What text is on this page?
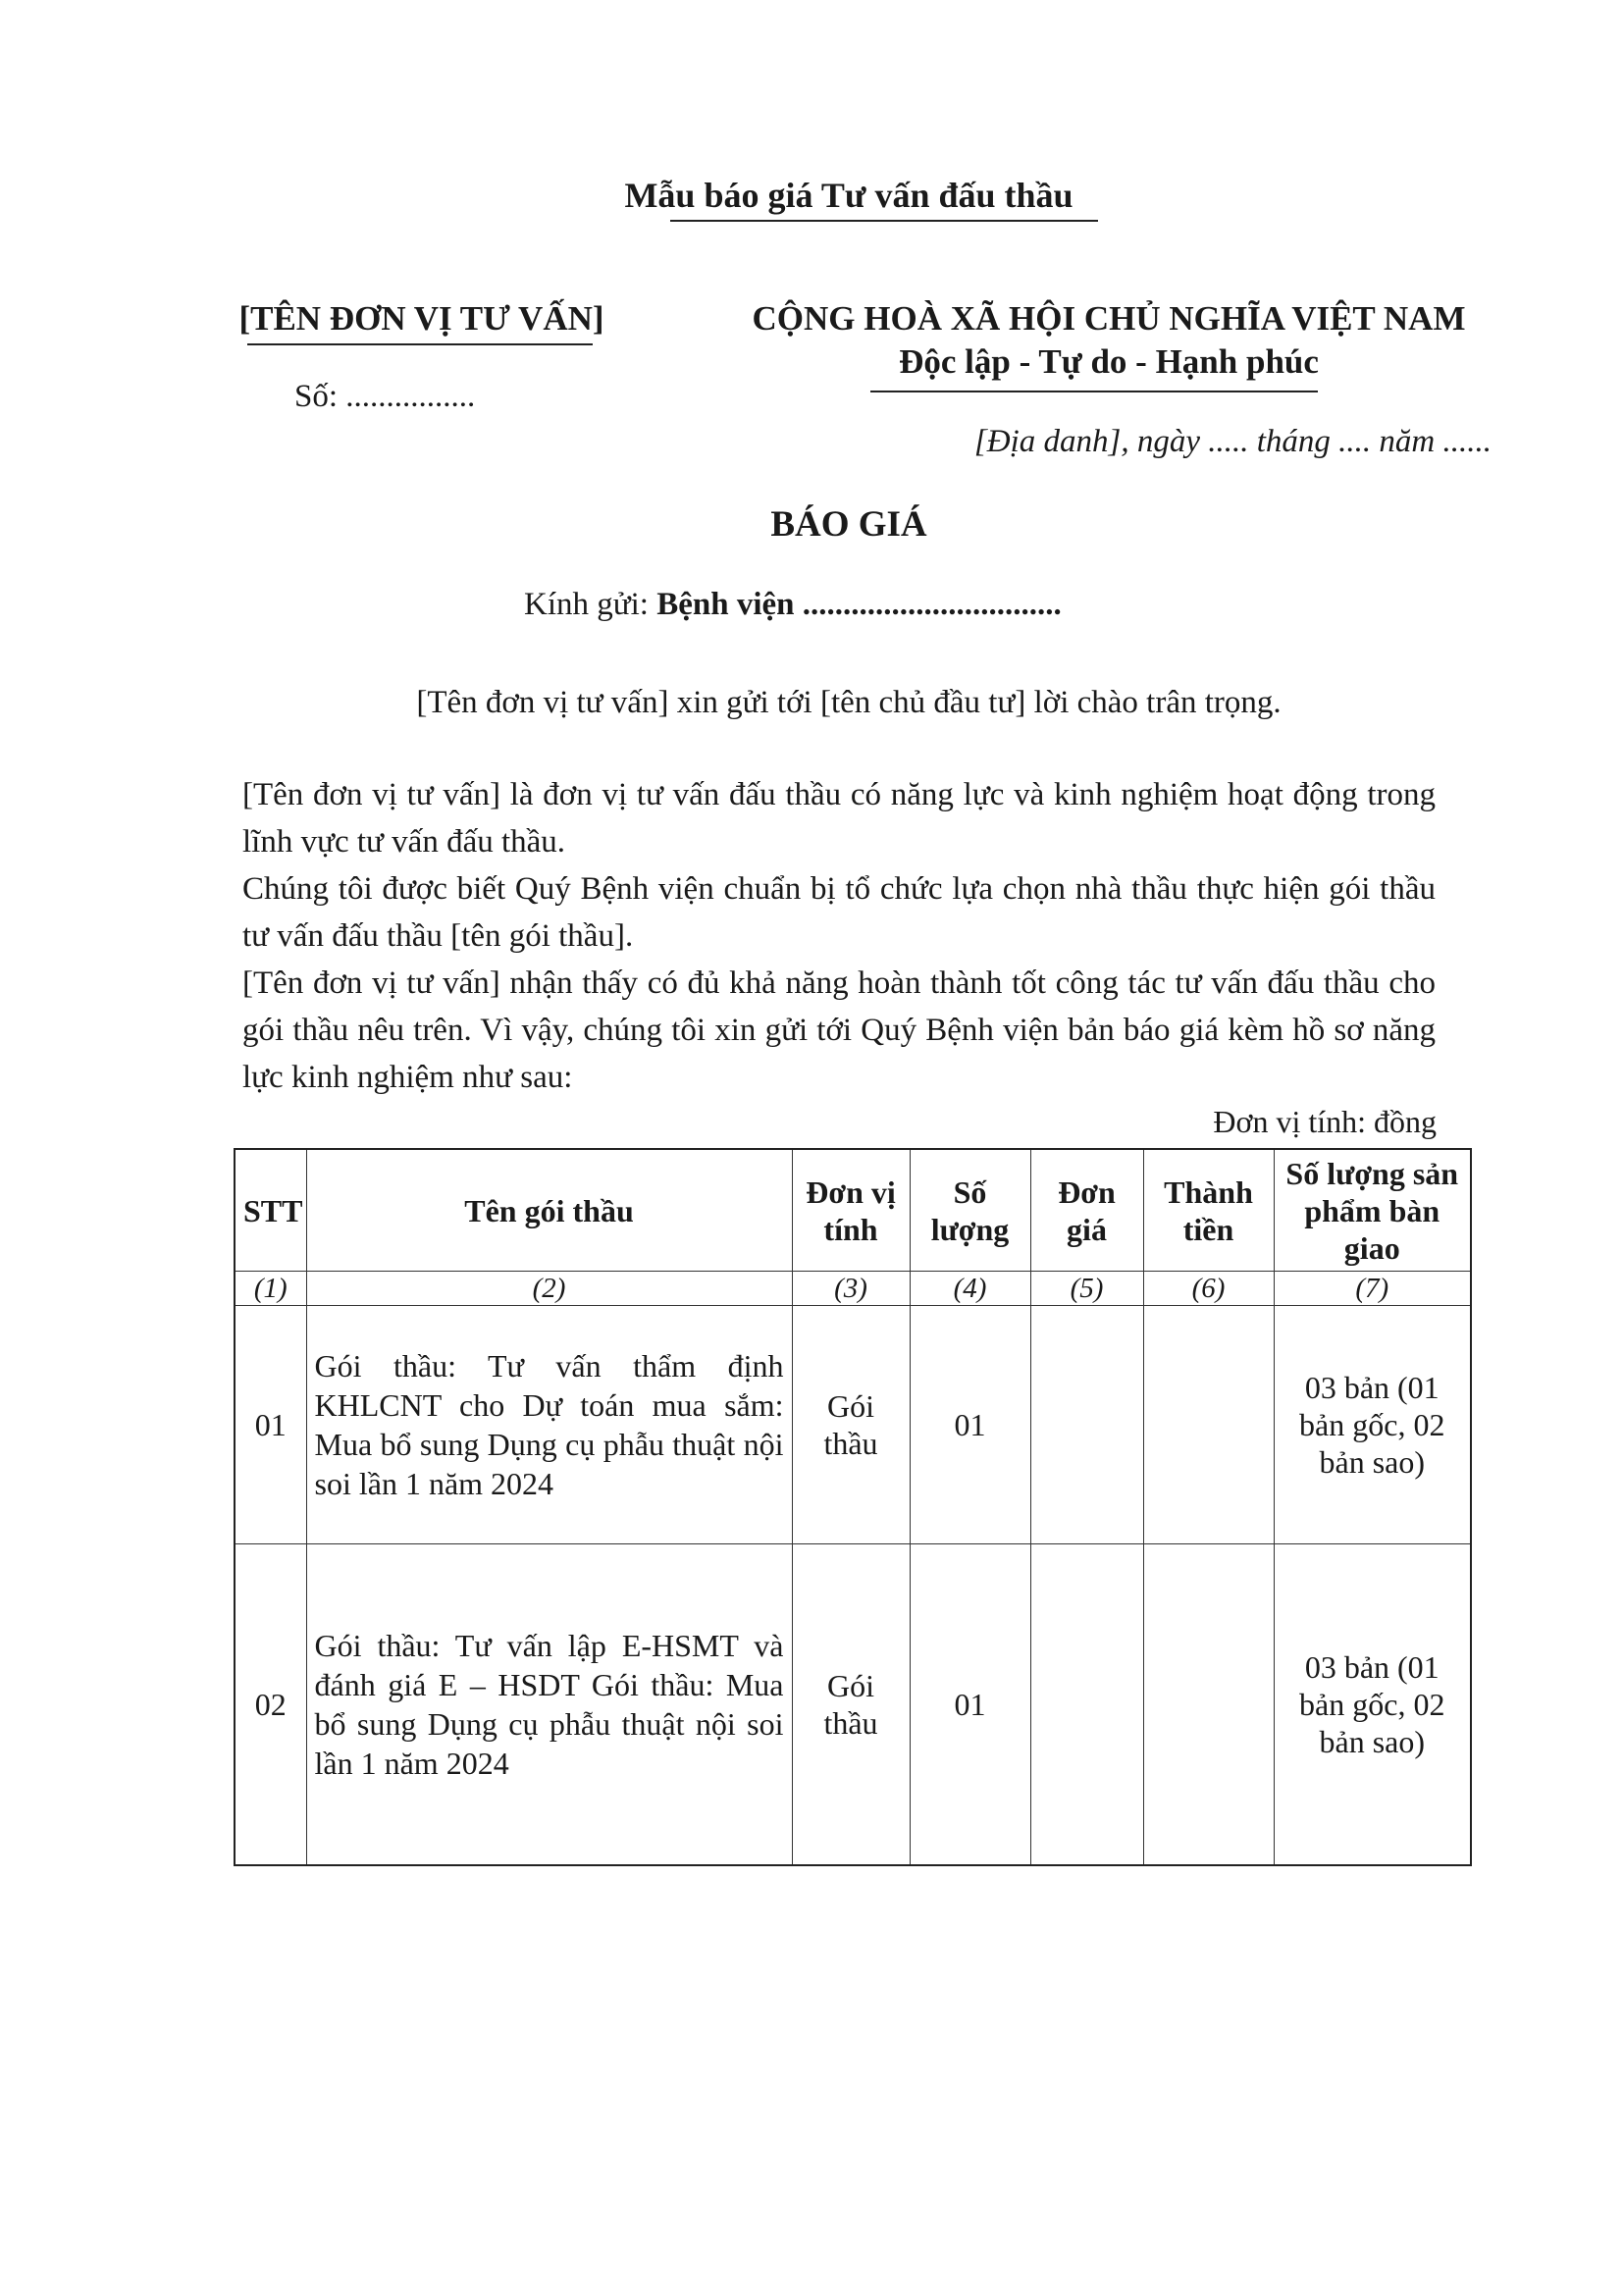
Mẫu báo giá Tư vấn đấu thầu
[TÊN ĐƠN VỊ TƯ VẤN]
Số: ................
CỘNG HOÀ XÃ HỘI CHỦ NGHĨA VIỆT NAM
Độc lập - Tự do - Hạnh phúc
[Địa danh], ngày ..... tháng .... năm ......
BÁO GIÁ
Kính gửi: Bệnh viện ................................
[Tên đơn vị tư vấn] xin gửi tới [tên chủ đầu tư] lời chào trân trọng.

[Tên đơn vị tư vấn] là đơn vị tư vấn đấu thầu có năng lực và kinh nghiệm hoạt động trong lĩnh vực tư vấn đấu thầu.

Chúng tôi được biết Quý Bệnh viện chuẩn bị tổ chức lựa chọn nhà thầu thực hiện gói thầu tư vấn đấu thầu [tên gói thầu].

[Tên đơn vị tư vấn] nhận thấy có đủ khả năng hoàn thành tốt công tác tư vấn đấu thầu cho gói thầu nêu trên. Vì vậy, chúng tôi xin gửi tới Quý Bệnh viện bản báo giá kèm hồ sơ năng lực kinh nghiệm như sau:

Đơn vị tính: đồng
STT	Tên gói thầu	Đơn vị tính	Số lượng	Đơn giá	Thành tiền	Số lượng sản phẩm bàn giao
(1)	(2)	(3)	(4)	(5)	(6)	(7)
01	Gói thầu: Tư vấn thẩm định KHLCNT cho Dự toán mua sắm: Mua bổ sung Dụng cụ phẫu thuật nội soi lần 1 năm 2024	Gói thầu	01			03 bản (01 bản gốc, 02 bản sao)
02	Gói thầu: Tư vấn lập E-HSMT và đánh giá E – HSDT Gói thầu: Mua bổ sung Dụng cụ phẫu thuật nội soi lần 1 năm 2024	Gói thầu	01			03 bản (01 bản gốc, 02 bản sao)
